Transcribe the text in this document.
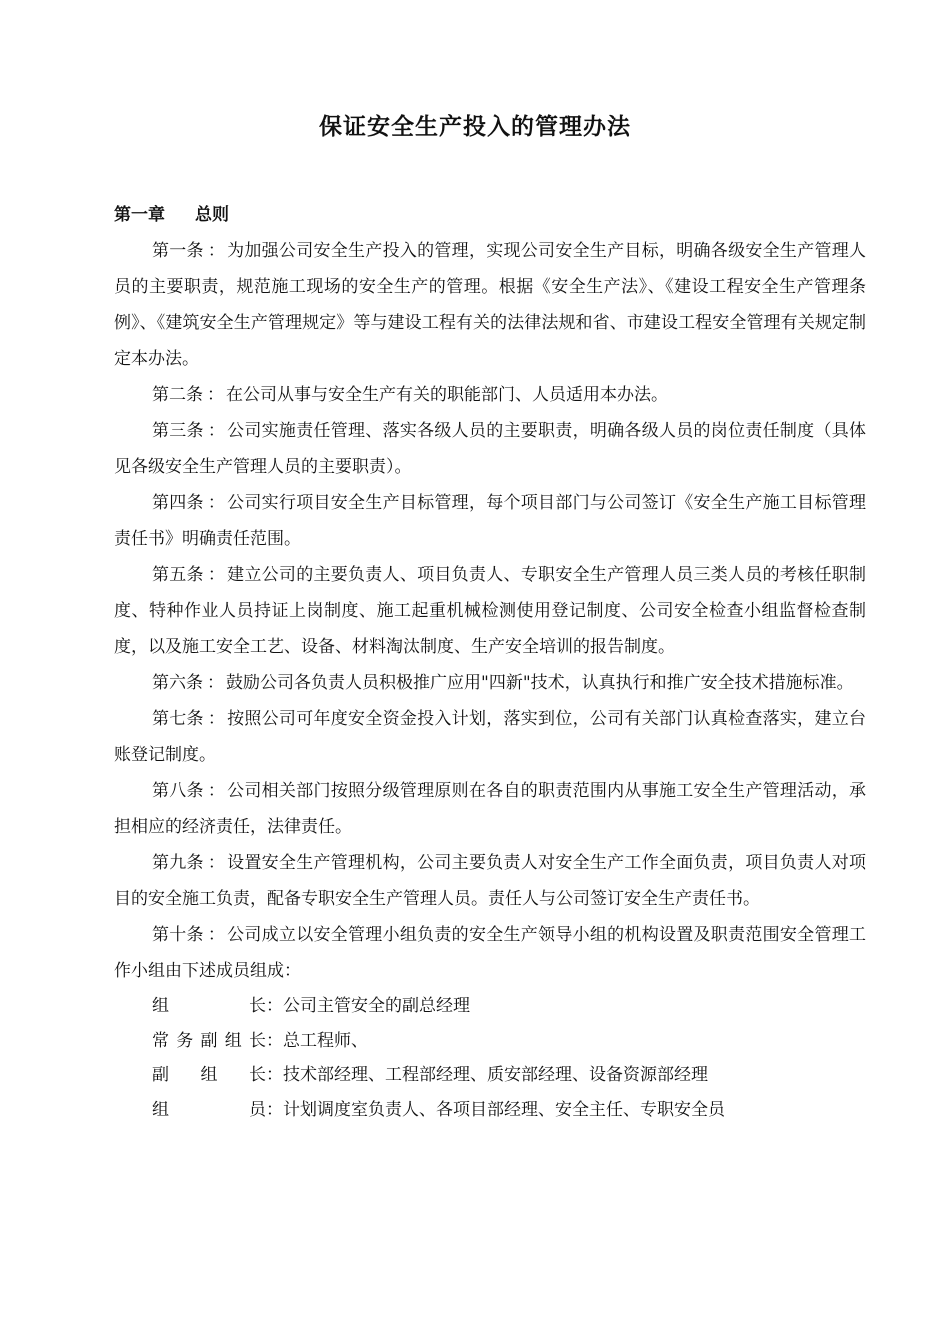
保证安全生产投入的管理办法
第一章 总则

第一条 ： 为加强公司安全生产投入的管理，实现公司安全生产目标，明确各级安全生产管理人员的主要职责，规范施工现场的安全生产的管理。根据《安全生产法》、《建设工程安全生产管理条例》、《建筑安全生产管理规定》等与建设工程有关的法律法规和省、市建设工程安全管理有关规定制定本办法。

第二条 ： 在公司从事与安全生产有关的职能部门、人员适用本办法。

第三条 ： 公司实施责任管理、落实各级人员的主要职责，明确各级人员的岗位责任制度（具体见各级安全生产管理人员的主要职责）。

第四条 ： 公司实行项目安全生产目标管理，每个项目部门与公司签订《安全生产施工目标管理责任书》明确责任范围。

第五条 ： 建立公司的主要负责人、项目负责人、专职安全生产管理人员三类人员的考核任职制度、特种作业人员持证上岗制度、施工起重机械检测使用登记制度、公司安全检查小组监督检查制度，以及施工安全工艺、设备、材料淘汰制度、生产安全培训的报告制度。

第六条 ： 鼓励公司各负责人员积极推广应用"四新"技术，认真执行和推广安全技术措施标准。

第七条 ： 按照公司可年度安全资金投入计划，落实到位，公司有关部门认真检查落实，建立台账登记制度。

第八条 ： 公司相关部门按照分级管理原则在各自的职责范围内从事施工安全生产管理活动，承担相应的经济责任，法律责任。

第九条 ： 设置安全生产管理机构，公司主要负责人对安全生产工作全面负责，项目负责人对项目的安全施工负责，配备专职安全生产管理人员。责任人与公司签订安全生产责任书。

第十条 ： 公司成立以安全管理小组负责的安全生产领导小组的机构设置及职责范围安全管理工作小组由下述成员组成：

组长：公司主管安全的副总经理
常务副组长：总工程师、
副组长：技术部经理、工程部经理、质安部经理、设备资源部经理
组员：计划调度室负责人、各项目部经理、安全主任、专职安全员
